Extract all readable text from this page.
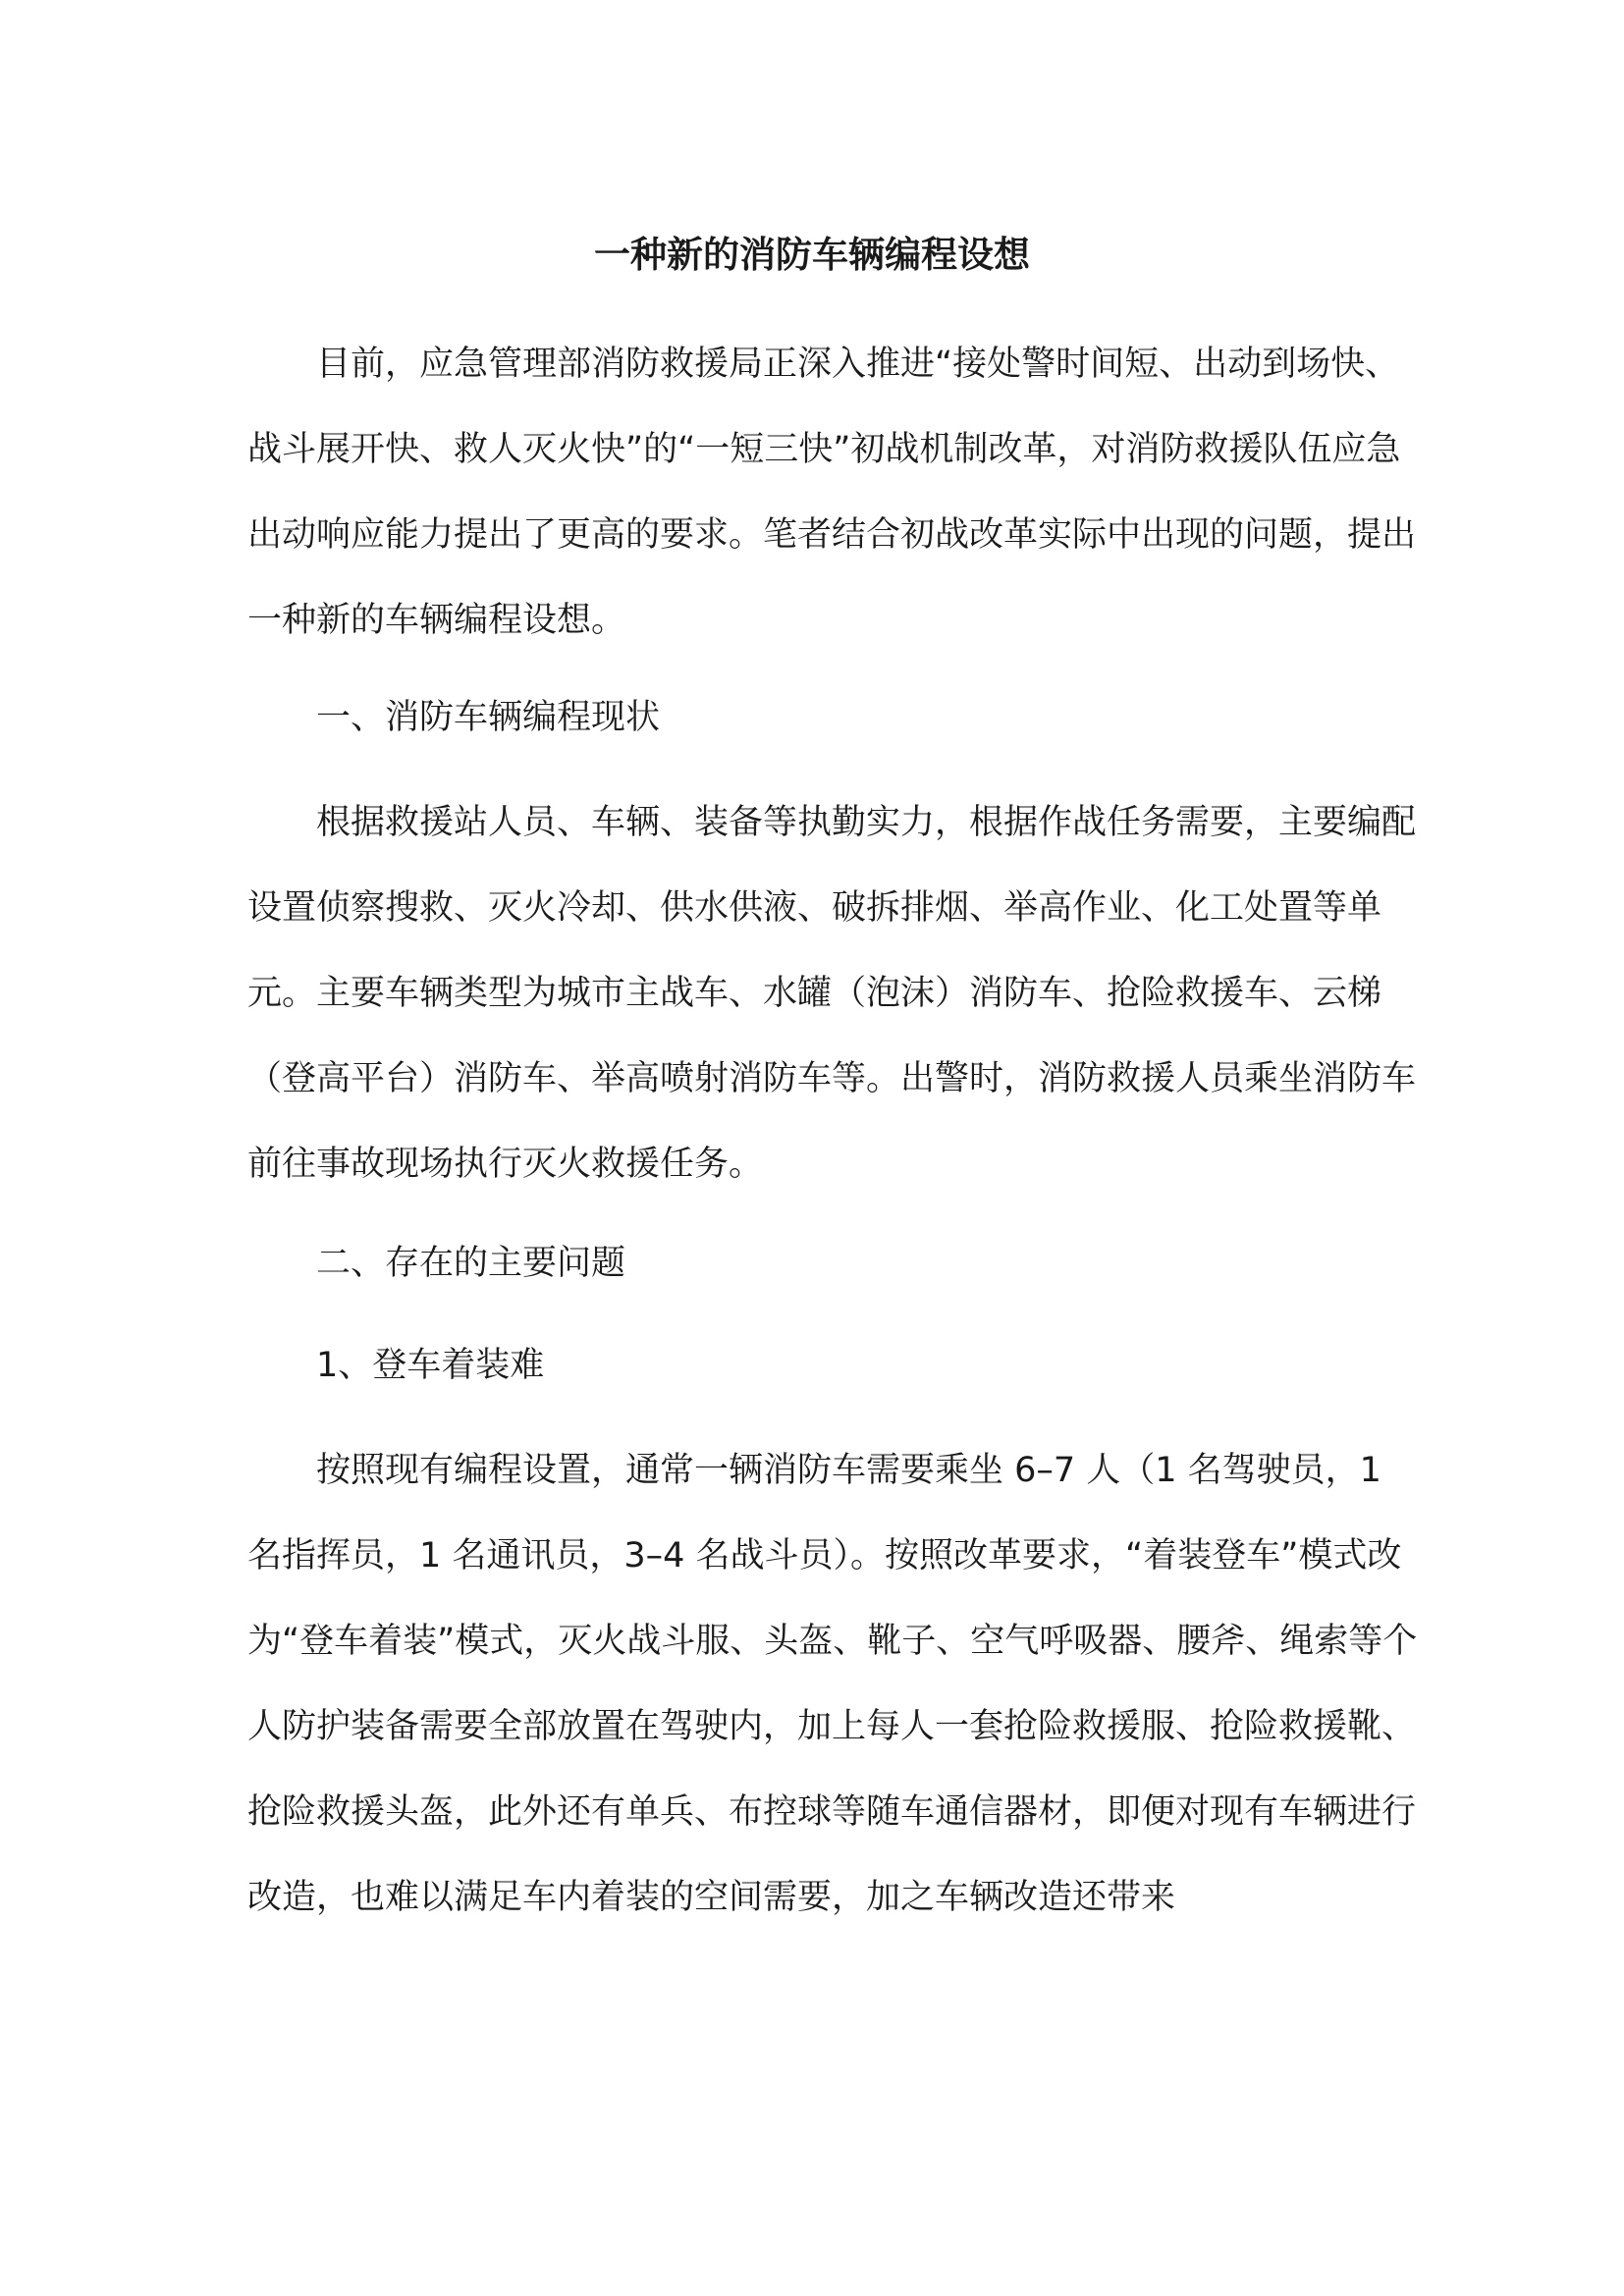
一种新的消防车辆编程设想

目前，应急管理部消防救援局正深入推进“接处警时间短、出动到场快、战斗展开快、救人灭火快”的“一短三快”初战机制改革，对消防救援队伍应急出动响应能力提出了更高的要求。笔者结合初战改革实际中出现的问题，提出一种新的车辆编程设想。

一、消防车辆编程现状

根据救援站人员、车辆、装备等执勤实力，根据作战任务需要，主要编配设置侦察搜救、灭火冷却、供水供液、破拆排烟、举高作业、化工处置等单元。主要车辆类型为城市主战车、水罐（泡沫）消防车、抢险救援车、云梯（登高平台）消防车、举高喷射消防车等。出警时，消防救援人员乘坐消防车前往事故现场执行灭火救援任务。

二、存在的主要问题

1、登车着装难

按照现有编程设置，通常一辆消防车需要乘坐 6–7 人（1 名驾驶员，1 名指挥员，1 名通讯员，3–4 名战斗员）。按照改革要求，“着装登车”模式改为“登车着装”模式，灭火战斗服、头盔、靴子、空气呼吸器、腰斧、绳索等个人防护装备需要全部放置在驾驶内，加上每人一套抢险救援服、抢险救援靴、抢险救援头盔，此外还有单兵、布控球等随车通信器材，即便对现有车辆进行改造，也难以满足车内着装的空间需要，加之车辆改造还带来
